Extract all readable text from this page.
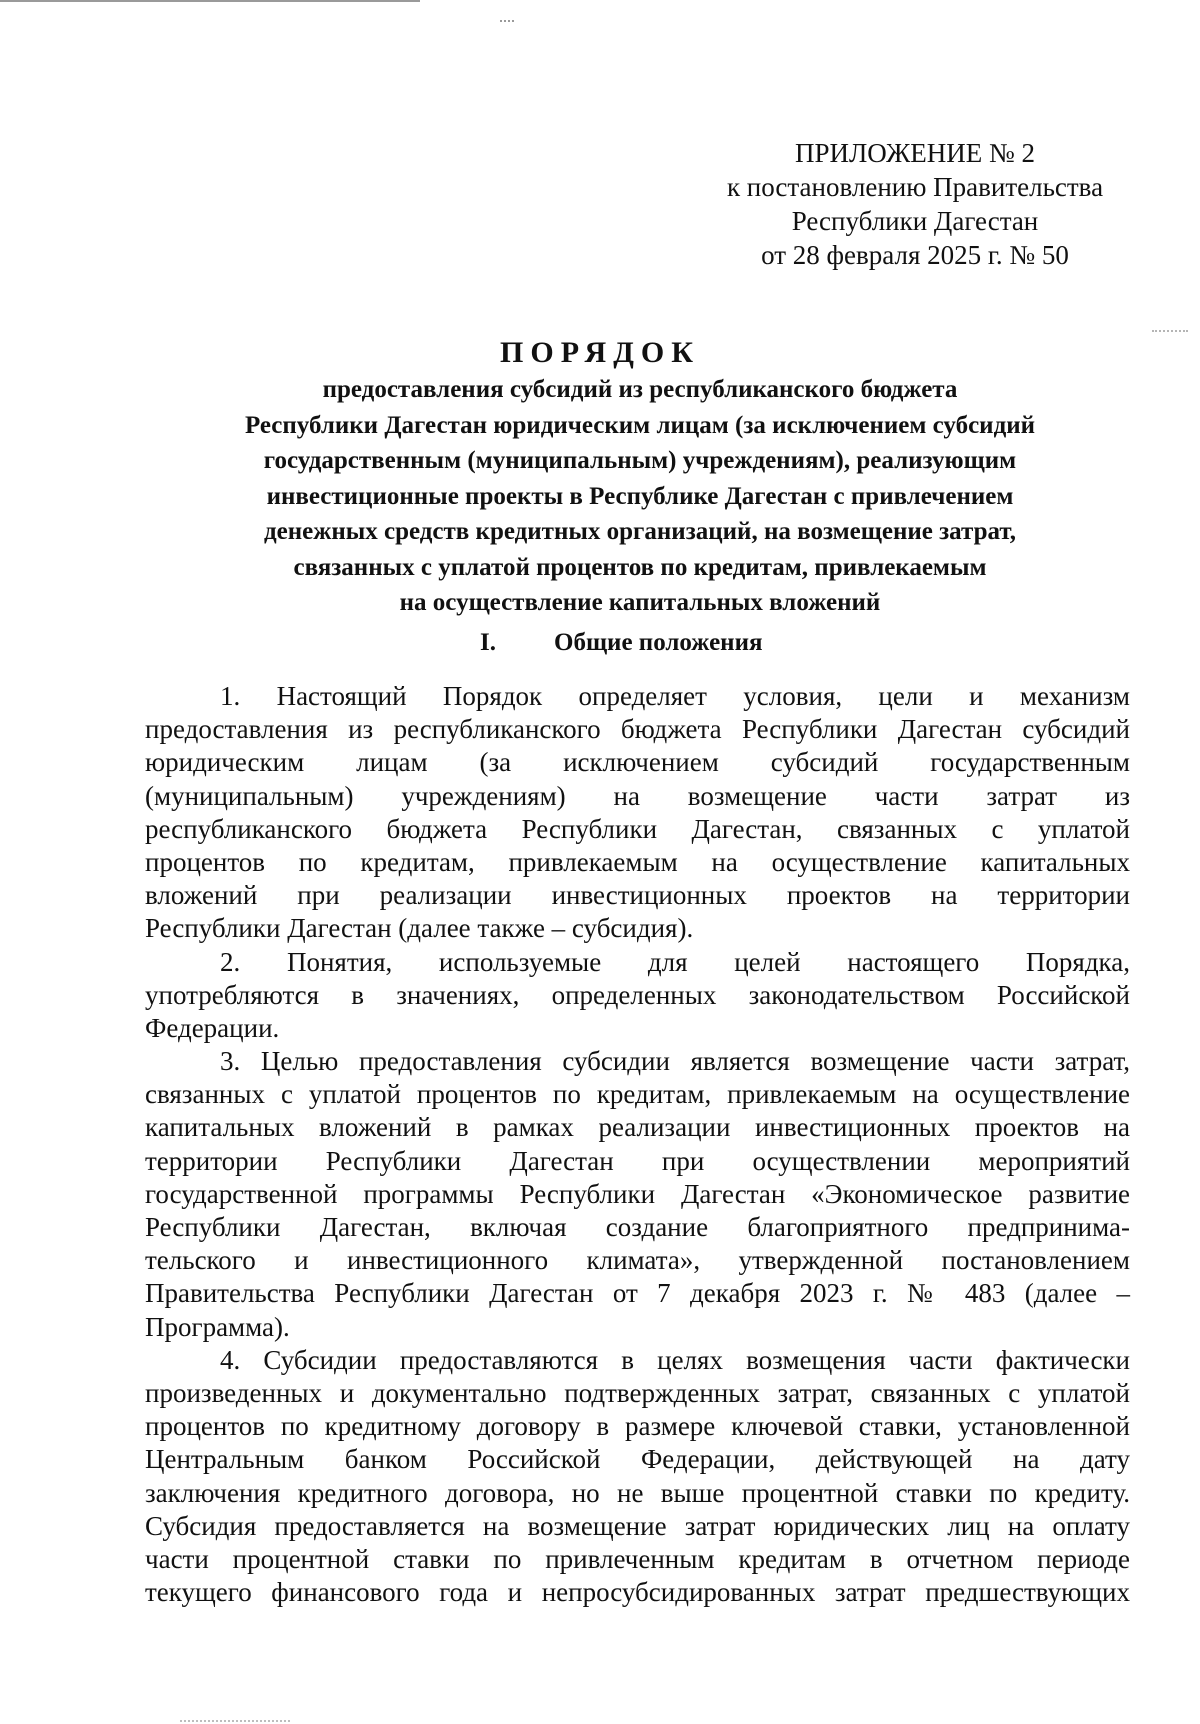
ПРИЛОЖЕНИЕ № 2
к постановлению Правительства
Республики Дагестан
от 28 февраля 2025 г. № 50
ПОРЯДОК
предоставления субсидий из республиканского бюджета
Республики Дагестан юридическим лицам (за исключением субсидий
государственным (муниципальным) учреждениям), реализующим
инвестиционные проекты в Республике Дагестан с привлечением
денежных средств кредитных организаций, на возмещение затрат,
связанных с уплатой процентов по кредитам, привлекаемым
на осуществление капитальных вложений
I. Общие положения
1. Настоящий Порядок определяет условия, цели и механизм
предоставления из республиканского бюджета Республики Дагестан субсидий
юридическим лицам (за исключением субсидий государственным
(муниципальным) учреждениям) на возмещение части затрат из
республиканского бюджета Республики Дагестан, связанных с уплатой
процентов по кредитам, привлекаемым на осуществление капитальных
вложений при реализации инвестиционных проектов на территории
Республики Дагестан (далее также – субсидия).
2. Понятия, используемые для целей настоящего Порядка,
употребляются в значениях, определенных законодательством Российской
Федерации.
3. Целью предоставления субсидии является возмещение части затрат,
связанных с уплатой процентов по кредитам, привлекаемым на осуществление
капитальных вложений в рамках реализации инвестиционных проектов на
территории Республики Дагестан при осуществлении мероприятий
государственной программы Республики Дагестан «Экономическое развитие
Республики Дагестан, включая создание благоприятного предпринима-
тельского и инвестиционного климата», утвержденной постановлением
Правительства Республики Дагестан от 7 декабря 2023 г. № 483 (далее –
Программа).
4. Субсидии предоставляются в целях возмещения части фактически
произведенных и документально подтвержденных затрат, связанных с уплатой
процентов по кредитному договору в размере ключевой ставки, установленной
Центральным банком Российской Федерации, действующей на дату
заключения кредитного договора, но не выше процентной ставки по кредиту.
Субсидия предоставляется на возмещение затрат юридических лиц на оплату
части процентной ставки по привлеченным кредитам в отчетном периоде
текущего финансового года и непросубсидированных затрат предшествующих
